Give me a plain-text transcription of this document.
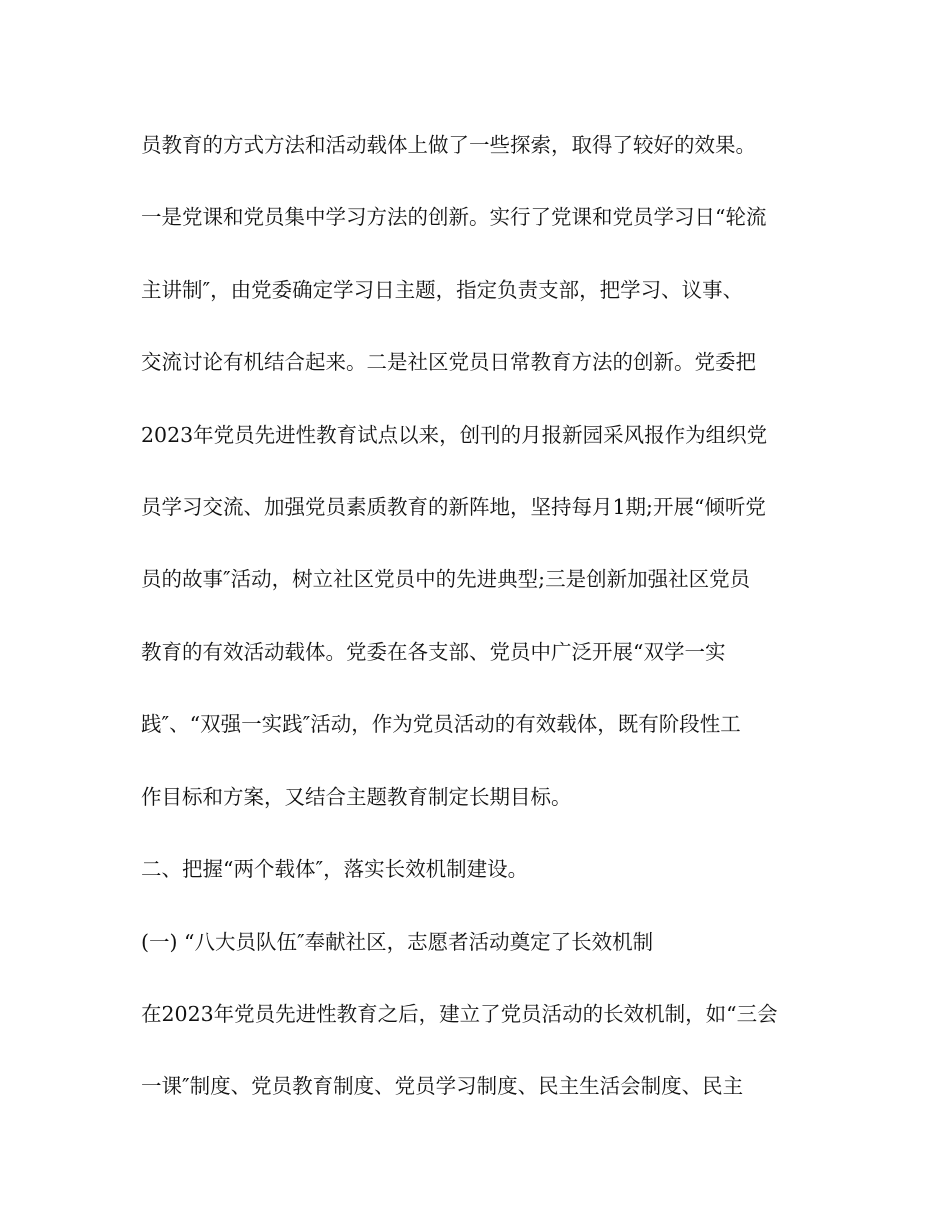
员教育的方式方法和活动载体上做了一些探索，取得了较好的效果。
一是党课和党员集中学习方法的创新。实行了党课和党员学习日“轮流
主讲制″，由党委确定学习日主题，指定负责支部，把学习、议事、
交流讨论有机结合起来。二是社区党员日常教育方法的创新。党委把
2023年党员先进性教育试点以来，创刊的月报新园采风报作为组织党
员学习交流、加强党员素质教育的新阵地，坚持每月1期;开展“倾听党
员的故事″活动，树立社区党员中的先进典型;三是创新加强社区党员
教育的有效活动载体。党委在各支部、党员中广泛开展“双学一实
践″、“双强一实践″活动，作为党员活动的有效载体，既有阶段性工
作目标和方案，又结合主题教育制定长期目标。
二、把握“两个载体″，落实长效机制建设。
(一) “八大员队伍″奉献社区，志愿者活动奠定了长效机制
在2023年党员先进性教育之后，建立了党员活动的长效机制，如“三会
一课″制度、党员教育制度、党员学习制度、民主生活会制度、民主
